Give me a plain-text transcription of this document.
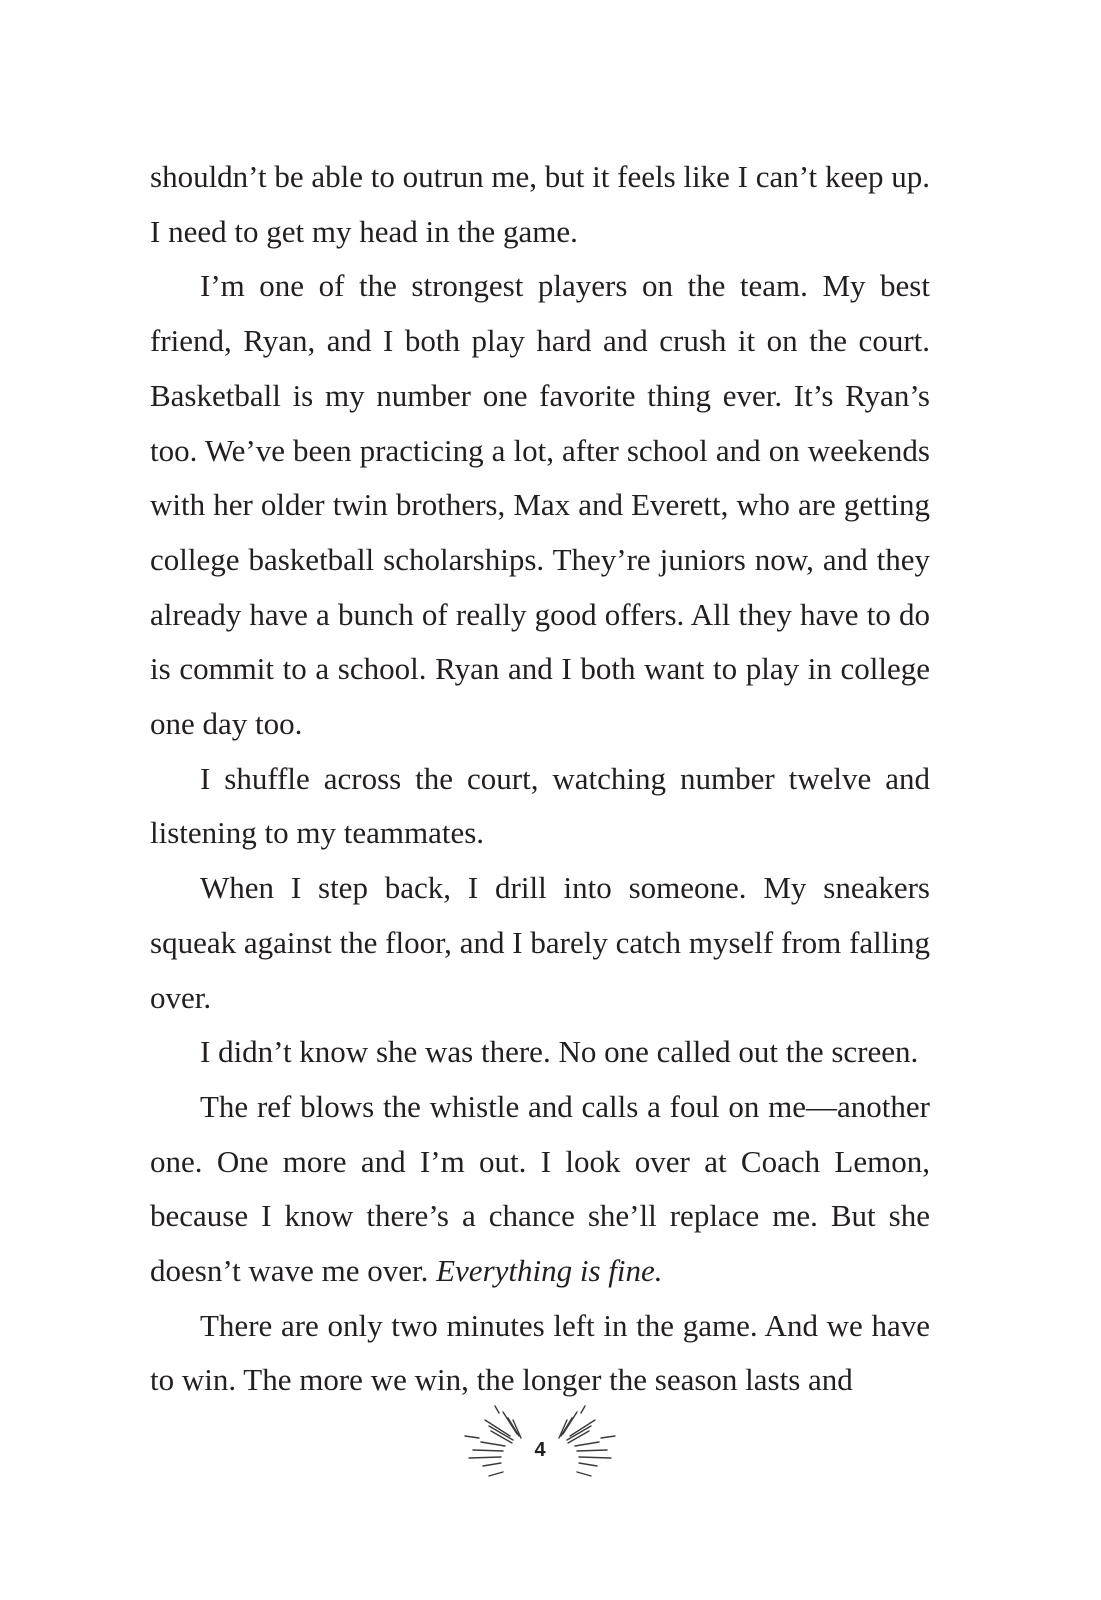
shouldn’t be able to outrun me, but it feels like I can’t keep up. I need to get my head in the game.

I’m one of the strongest players on the team. My best friend, Ryan, and I both play hard and crush it on the court. Basketball is my number one favorite thing ever. It’s Ryan’s too. We’ve been practicing a lot, after school and on weekends with her older twin brothers, Max and Everett, who are getting college basketball scholarships. They’re juniors now, and they already have a bunch of really good offers. All they have to do is commit to a school. Ryan and I both want to play in college one day too.

I shuffle across the court, watching number twelve and listening to my teammates.

When I step back, I drill into someone. My sneakers squeak against the floor, and I barely catch myself from falling over.

I didn’t know she was there. No one called out the screen.

The ref blows the whistle and calls a foul on me—another one. One more and I’m out. I look over at Coach Lemon, because I know there’s a chance she’ll replace me. But she doesn’t wave me over. Everything is fine.

There are only two minutes left in the game. And we have to win. The more we win, the longer the season lasts and

4
